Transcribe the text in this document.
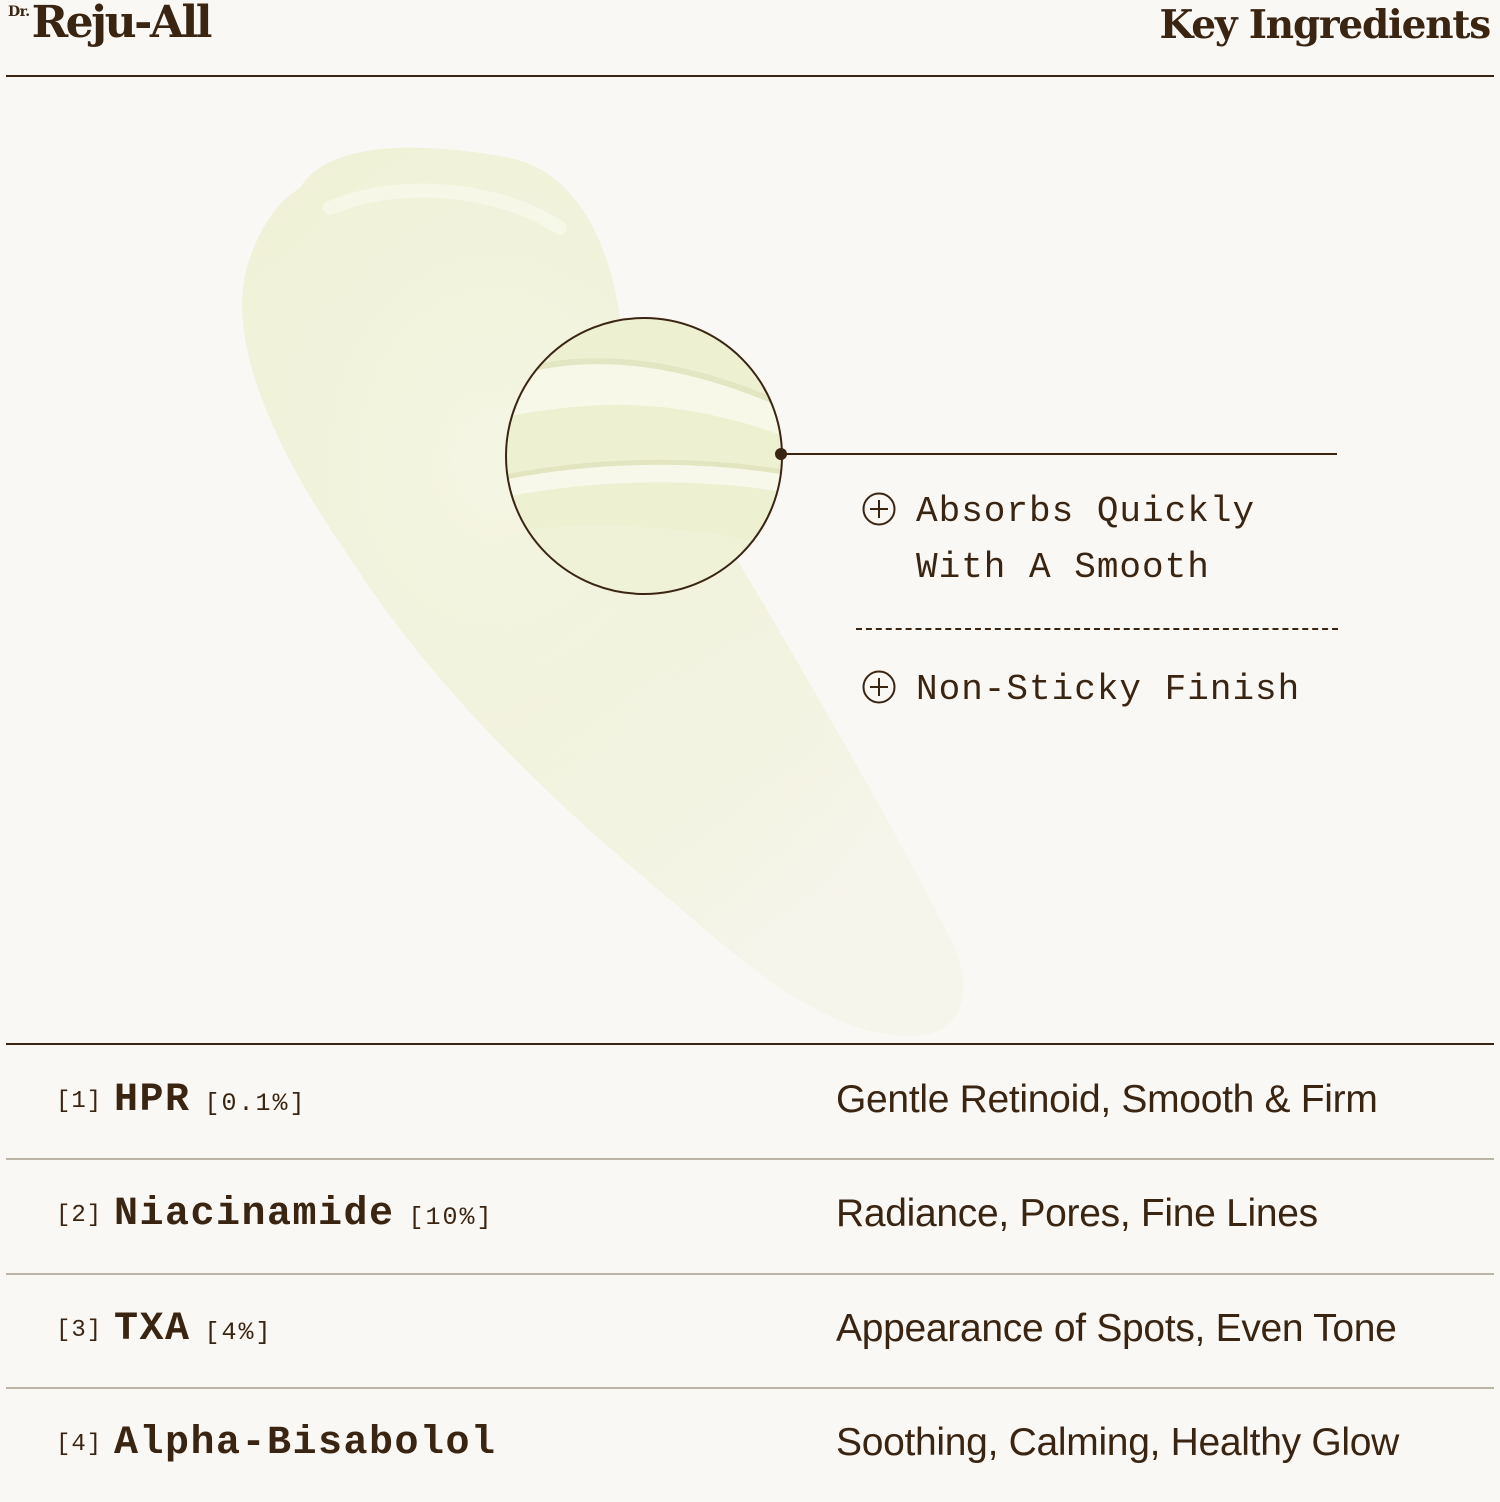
Dr. Reju-All	Key Ingredients
Absorbs Quickly With A Smooth
Non-Sticky Finish
[1] HPR [0.1%]	Gentle Retinoid, Smooth & Firm
[2] Niacinamide [10%]	Radiance, Pores, Fine Lines
[3] TXA [4%]	Appearance of Spots, Even Tone
[4] Alpha-Bisabolol	Soothing, Calming, Healthy Glow
